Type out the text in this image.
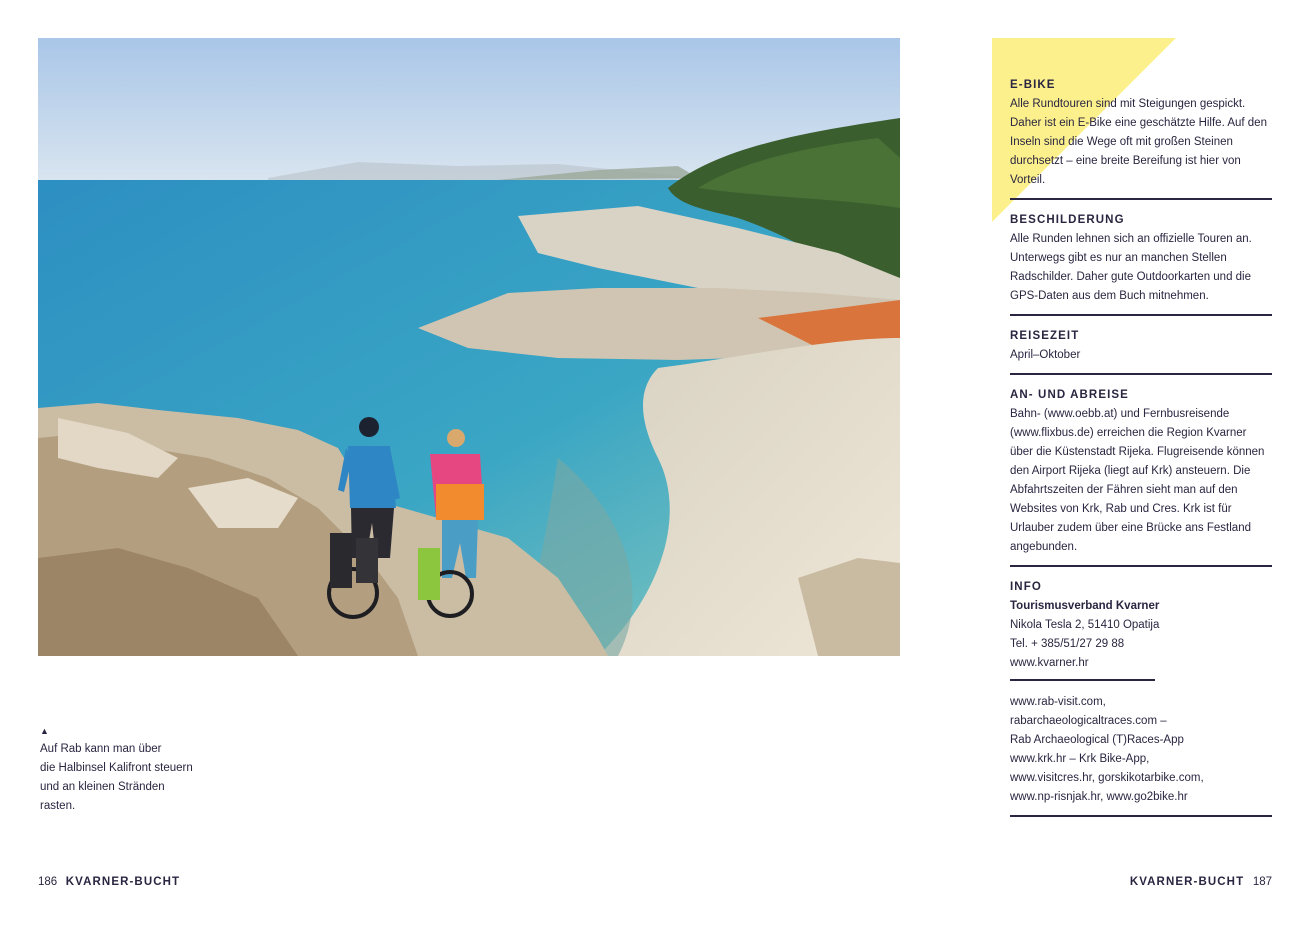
▲

Auf Rab kann man über
die Halbinsel Kalifront steuern
und an kleinen Stränden
rasten.

186 KVARNER-BUCHT	KVARNER-BUCHT 187
E-BIKE

Alle Rundtouren sind mit Steigungen gespickt. Daher ist ein E-Bike eine geschätzte Hilfe. Auf den Inseln sind die Wege oft mit großen Steinen durchsetzt – eine breite Bereifung ist hier von Vorteil.

BESCHILDERUNG

Alle Runden lehnen sich an offizielle Touren an. Unterwegs gibt es nur an manchen Stellen Radschilder. Daher gute Outdoorkarten und die GPS-Daten aus dem Buch mitnehmen.

REISEZEIT

April–Oktober

AN- UND ABREISE

Bahn- (www.oebb.at) und Fernbusreisende (www.flixbus.de) erreichen die Region Kvarner über die Küstenstadt Rijeka. Flugreisende können den Airport Rijeka (liegt auf Krk) ansteuern. Die Abfahrtszeiten der Fähren sieht man auf den Websites von Krk, Rab und Cres. Krk ist für Urlauber zudem über eine Brücke ans Festland angebunden.

INFO
Tourismusverband Kvarner
Nikola Tesla 2, 51410 Opatija
Tel. + 385/51/27 29 88
www.kvarner.hr
www.rab-visit.com,
rabarchaeologicaltraces.com –
Rab Archaeological (T)Races-App
www.krk.hr – Krk Bike-App,
www.visitcres.hr, gorskikotarbike.com,
www.np-risnjak.hr, www.go2bike.hr
